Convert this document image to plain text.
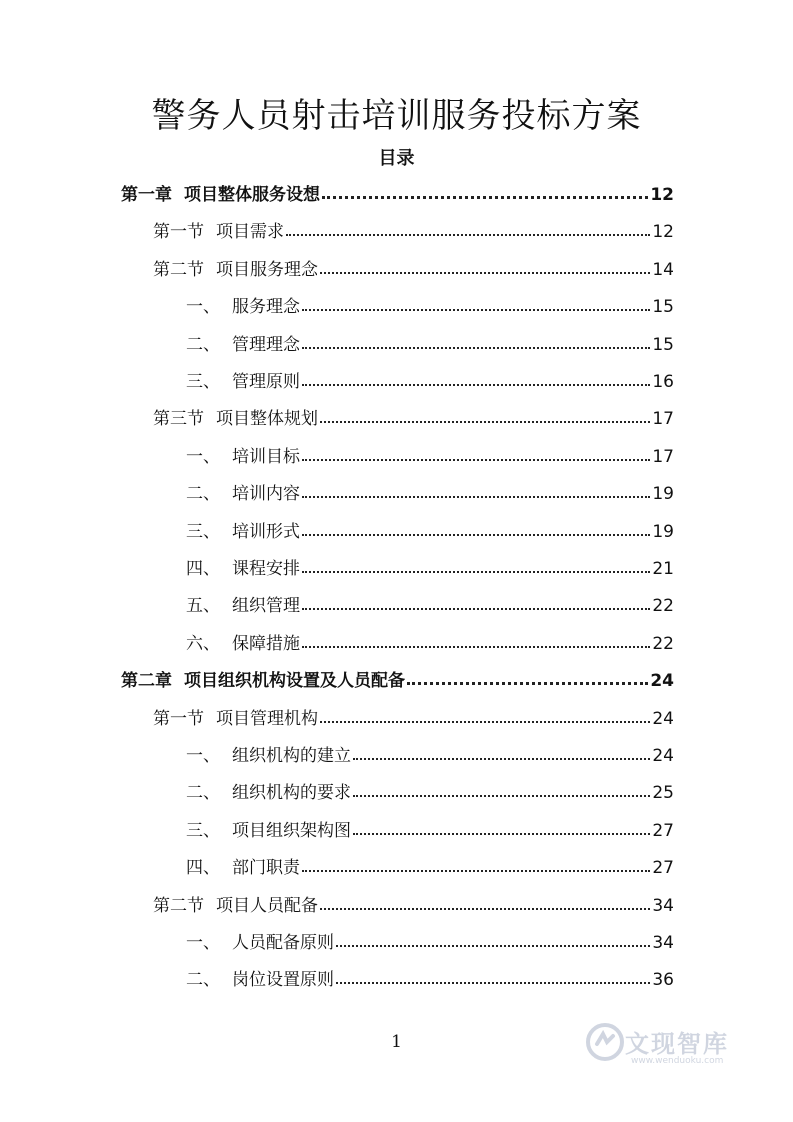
警务人员射击培训服务投标方案
目录
第一章 项目整体服务设想	12
第一节 项目需求	12
第二节 项目服务理念	14
一、 服务理念	15
二、 管理理念	15
三、 管理原则	16
第三节 项目整体规划	17
一、 培训目标	17
二、 培训内容	19
三、 培训形式	19
四、 课程安排	21
五、 组织管理	22
六、 保障措施	22
第二章 项目组织机构设置及人员配备	24
第一节 项目管理机构	24
一、 组织机构的建立	24
二、 组织机构的要求	25
三、 项目组织架构图	27
四、 部门职责	27
第二节 项目人员配备	34
一、 人员配备原则	34
二、 岗位设置原则	36
1	文现智库
www.wenduoku.com
